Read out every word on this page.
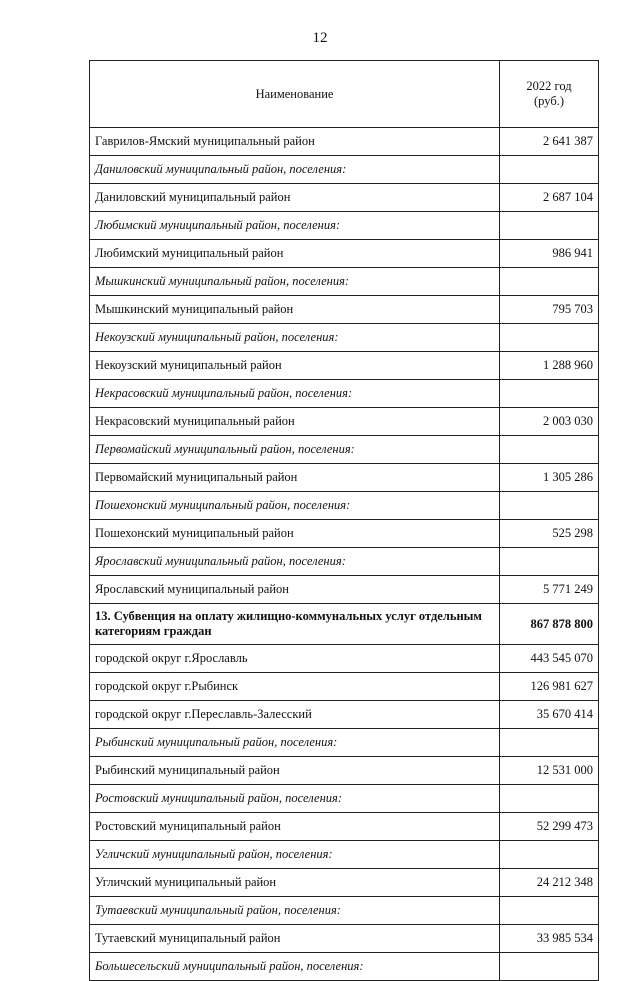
12
Наименование	2022 год
(руб.)

Гаврилов-Ямский муниципальный район	2 641 387
Даниловский муниципальный район, поселения:	
Даниловский муниципальный район	2 687 104
Любимский муниципальный район, поселения:	
Любимский муниципальный район	986 941
Мышкинский муниципальный район, поселения:	
Мышкинский муниципальный район	795 703
Некоузский муниципальный район, поселения:	
Некоузский муниципальный район	1 288 960
Некрасовский муниципальный район, поселения:	
Некрасовский муниципальный район	2 003 030
Первомайский муниципальный район, поселения:	
Первомайский муниципальный район	1 305 286
Пошехонский муниципальный район, поселения:	
Пошехонский муниципальный район	525 298
Ярославский муниципальный район, поселения:	
Ярославский муниципальный район	5 771 249
13. Субвенция на оплату жилищно-коммунальных услуг отдельным категориям граждан	867 878 800
городской округ г.Ярославль	443 545 070
городской округ г.Рыбинск	126 981 627
городской округ г.Переславль-Залесский	35 670 414
Рыбинский муниципальный район, поселения:	
Рыбинский муниципальный район	12 531 000
Ростовский муниципальный район, поселения:	
Ростовский муниципальный район	52 299 473
Угличский муниципальный район, поселения:	
Угличский муниципальный район	24 212 348
Тутаевский муниципальный район, поселения:	
Тутаевский муниципальный район	33 985 534
Большесельский муниципальный район, поселения:	
